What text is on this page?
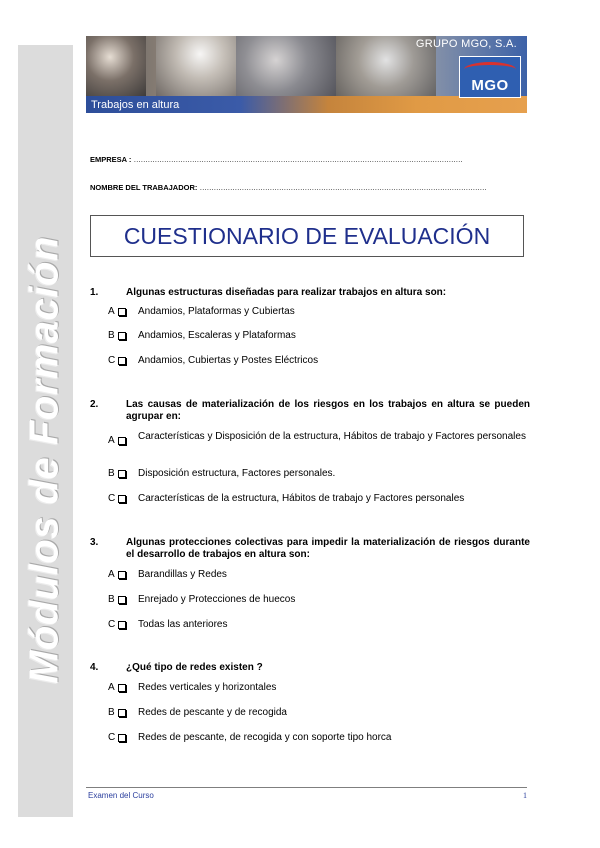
Módulos de Formación
GRUPO MGO, S.A.
MGO
Trabajos en altura
EMPRESA : ……………………………………………………………………………………………………………………………
NOMBRE DEL TRABAJADOR: ……………………………………………………………………………………………………………
CUESTIONARIO DE EVALUACIÓN
1.	Algunas estructuras diseñadas para realizar trabajos en altura son:
A Andamios, Plataformas y Cubiertas
B Andamios, Escaleras y Plataformas
C Andamios, Cubiertas y Postes Eléctricos
2.	Las causas de materialización de los riesgos en los trabajos en altura se pueden agrupar en:
A Características y Disposición de la estructura, Hábitos de trabajo y Factores personales
B Disposición estructura, Factores personales.
C Características de la estructura, Hábitos de trabajo y Factores personales
3.	Algunas protecciones colectivas para impedir la materialización de riesgos durante el desarrollo de trabajos en altura son:
A Barandillas y Redes
B Enrejado y Protecciones de huecos
C Todas las anteriores
4.	¿Qué tipo de redes existen ?
A Redes verticales y horizontales
B Redes de pescante y de recogida
C Redes de pescante, de recogida y con soporte tipo horca
Examen del Curso	1
